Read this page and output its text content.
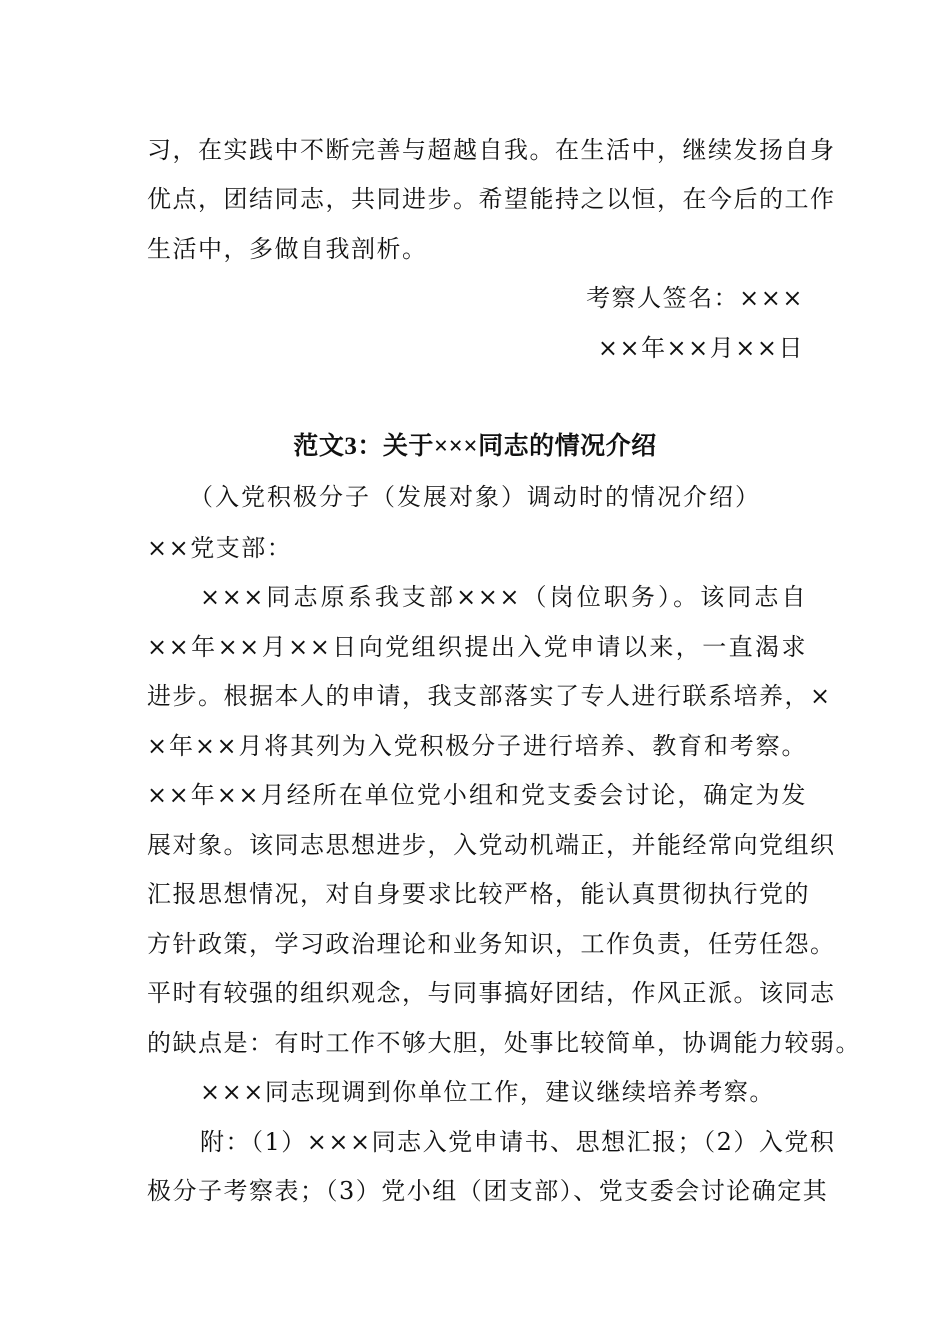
习，在实践中不断完善与超越自我。在生活中，继续发扬自身
优点，团结同志，共同进步。希望能持之以恒，在今后的工作
生活中，多做自我剖析。
考察人签名：×××
××年××月××日
范文3：关于×××同志的情况介绍
（入党积极分子（发展对象）调动时的情况介绍）
××党支部：
×××同志原系我支部×××（岗位职务）。该同志自
××年××月××日向党组织提出入党申请以来，一直渴求
进步。根据本人的申请，我支部落实了专人进行联系培养，×
×年××月将其列为入党积极分子进行培养、教育和考察。
××年××月经所在单位党小组和党支委会讨论，确定为发
展对象。该同志思想进步，入党动机端正，并能经常向党组织
汇报思想情况，对自身要求比较严格，能认真贯彻执行党的
方针政策，学习政治理论和业务知识，工作负责，任劳任怨。
平时有较强的组织观念，与同事搞好团结，作风正派。该同志
的缺点是：有时工作不够大胆，处事比较简单，协调能力较弱。
×××同志现调到你单位工作，建议继续培养考察。
附：（1）×××同志入党申请书、思想汇报；（2）入党积
极分子考察表；（3）党小组（团支部）、党支委会讨论确定其
